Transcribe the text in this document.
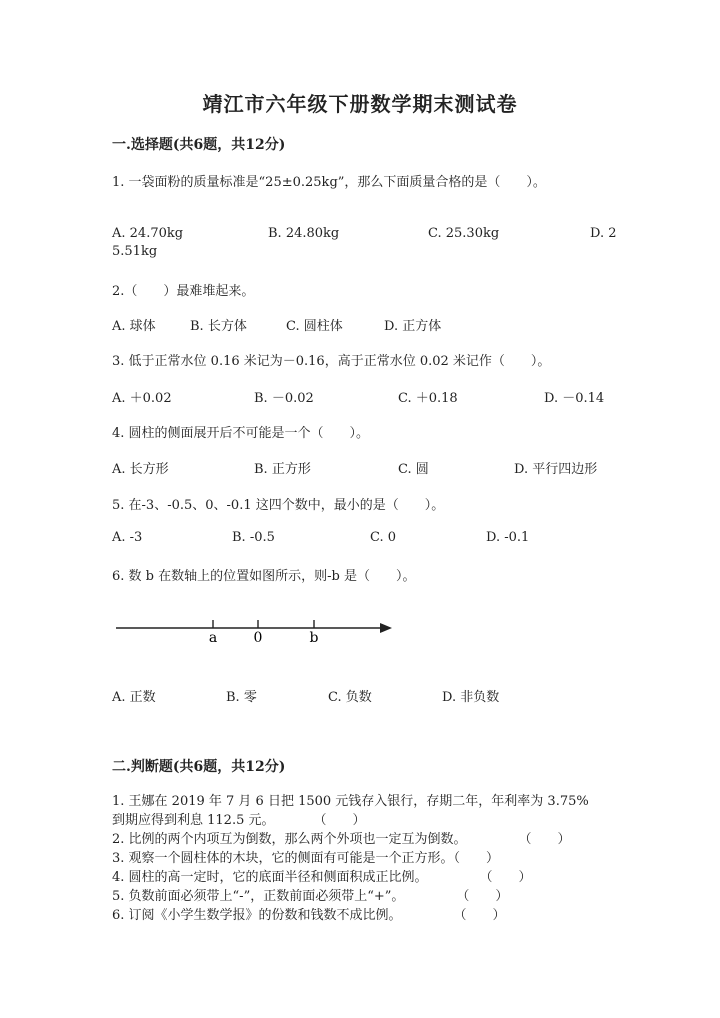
靖江市六年级下册数学期末测试卷
一.选择题(共6题，共12分)
1. 一袋面粉的质量标准是“25±0.25kg”，那么下面质量合格的是（　　）。
A. 24.70kg	B. 24.80kg	C. 25.30kg	D. 2
5.51kg
2.（　　）最难堆起来。
A. 球体	B. 长方体	C. 圆柱体	D. 正方体
3. 低于正常水位 0.16 米记为－0.16，高于正常水位 0.02 米记作（　　）。
A. ＋0.02	B. －0.02	C. ＋0.18	D. －0.14
4. 圆柱的侧面展开后不可能是一个（　　）。
A. 长方形	B. 正方形	C. 圆	D. 平行四边形
5. 在-3、-0.5、0、-0.1 这四个数中，最小的是（　　）。
A. -3	B. -0.5	C. 0	D. -0.1
6. 数 b 在数轴上的位置如图所示，则-b 是（　　）。
a	0	b
A. 正数	B. 零	C. 负数	D. 非负数
二.判断题(共6题，共12分)
1. 王娜在 2019 年 7 月 6 日把 1500 元钱存入银行，存期二年，年利率为 3.75%
到期应得到利息 112.5 元。　　　　（　　）
2. 比例的两个内项互为倒数，那么两个外项也一定互为倒数。　　　　　（　　）
3. 观察一个圆柱体的木块，它的侧面有可能是一个正方形。（　　）
4. 圆柱的高一定时，它的底面半径和侧面积成正比例。　　　　　（　　）
5. 负数前面必须带上“-”，正数前面必须带上“+”。　　　　　（　　）
6. 订阅《小学生数学报》的份数和钱数不成比例。　　　　　（　　）
